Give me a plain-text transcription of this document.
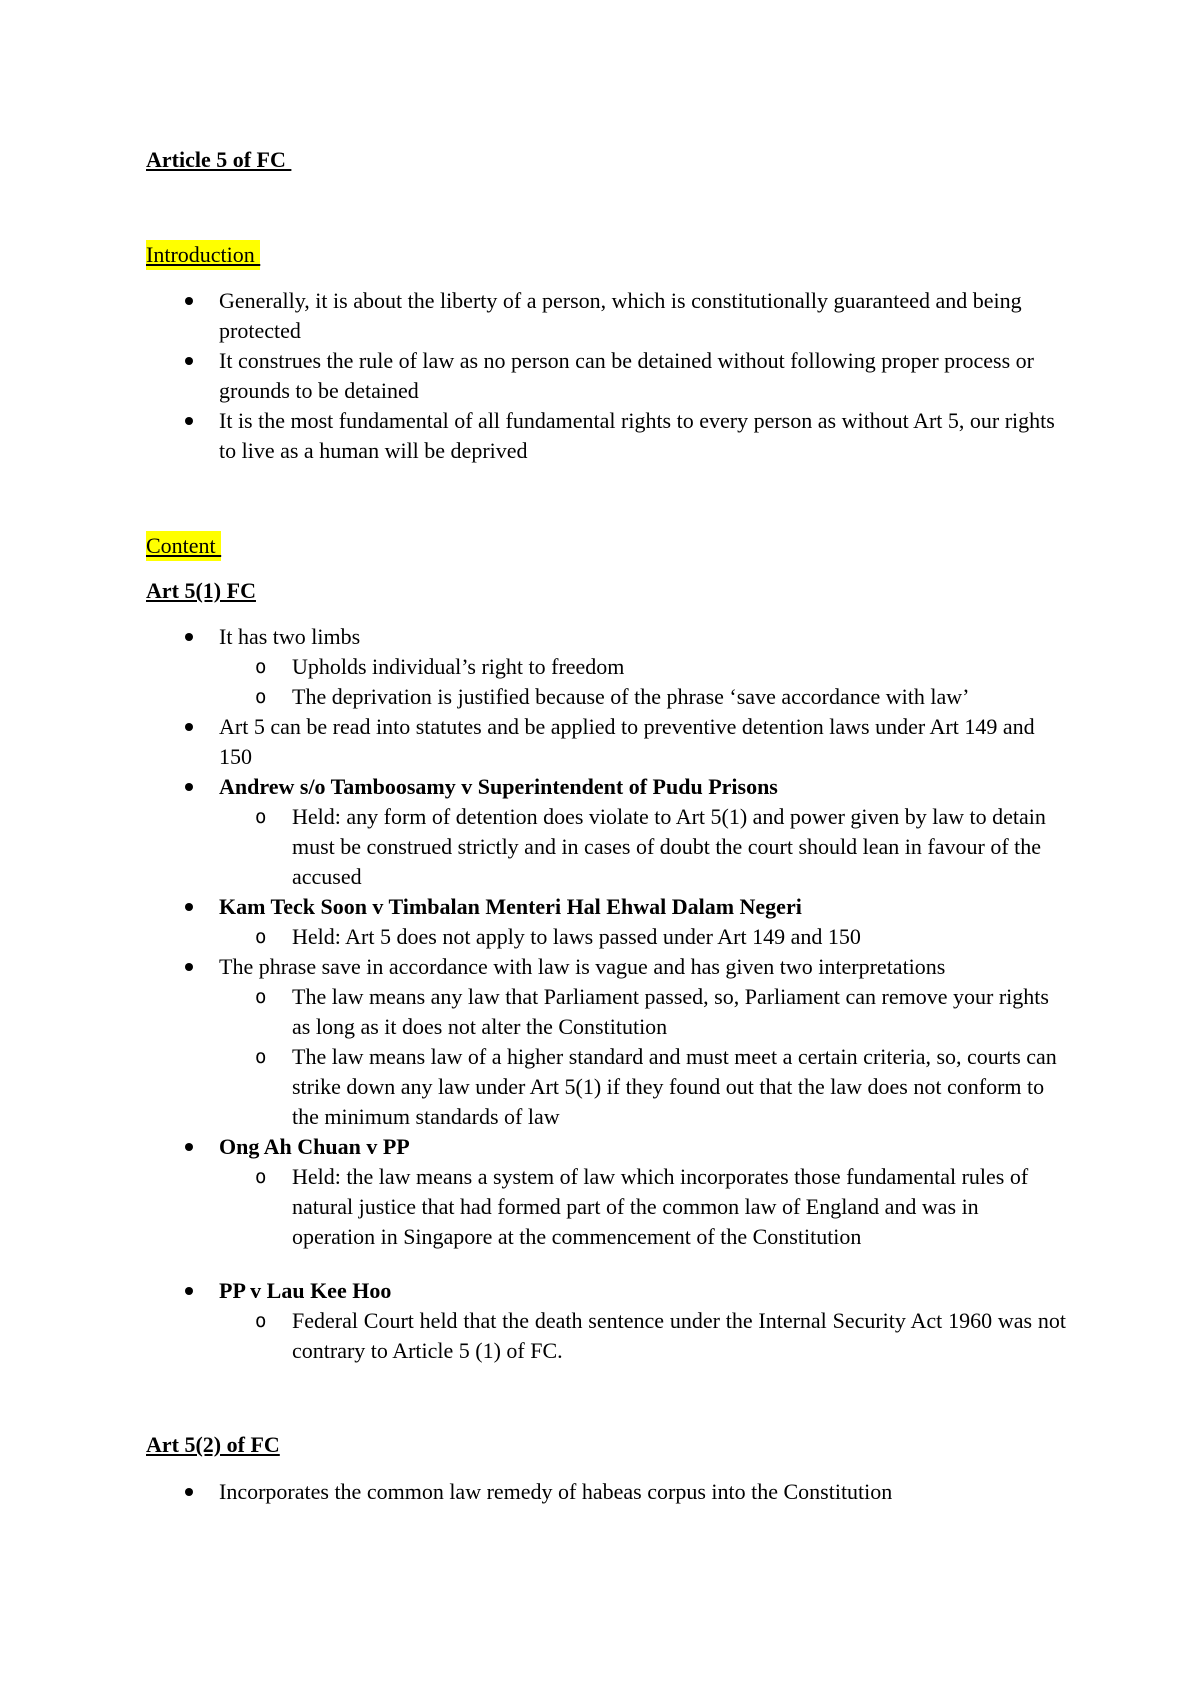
Article 5 of FC
Introduction
Generally, it is about the liberty of a person, which is constitutionally guaranteed and being protected
It construes the rule of law as no person can be detained without following proper process or grounds to be detained
It is the most fundamental of all fundamental rights to every person as without Art 5, our rights to live as a human will be deprived
Content
Art 5(1) FC
It has two limbs
o Upholds individual’s right to freedom
o The deprivation is justified because of the phrase ‘save accordance with law’
Art 5 can be read into statutes and be applied to preventive detention laws under Art 149 and 150
Andrew s/o Tamboosamy v Superintendent of Pudu Prisons
o Held: any form of detention does violate to Art 5(1) and power given by law to detain must be construed strictly and in cases of doubt the court should lean in favour of the accused
Kam Teck Soon v Timbalan Menteri Hal Ehwal Dalam Negeri
o Held: Art 5 does not apply to laws passed under Art 149 and 150
The phrase save in accordance with law is vague and has given two interpretations
o The law means any law that Parliament passed, so, Parliament can remove your rights as long as it does not alter the Constitution
o The law means law of a higher standard and must meet a certain criteria, so, courts can strike down any law under Art 5(1) if they found out that the law does not conform to the minimum standards of law
Ong Ah Chuan v PP
o Held: the law means a system of law which incorporates those fundamental rules of natural justice that had formed part of the common law of England and was in operation in Singapore at the commencement of the Constitution
PP v Lau Kee Hoo
o Federal Court held that the death sentence under the Internal Security Act 1960 was not contrary to Article 5 (1) of FC.
Art 5(2) of FC
Incorporates the common law remedy of habeas corpus into the Constitution
